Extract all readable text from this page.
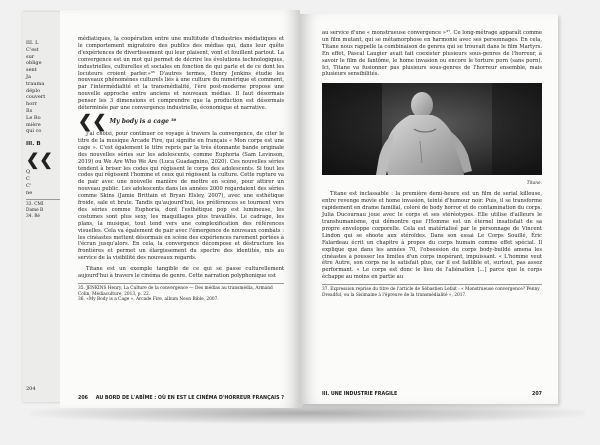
III. L

C'est

sur

oblige

sent

Ja

trauma

déplo

couvert

horr

Ils

Le Ro

mière

qui co

III. B
❮❮

Q

C

C'

ne

33. CMI

Dame B

34. Ré

204

médiatiques, la coopération entre une multitude d'industries médiatiques et le comportement migratoire des publics des médias qui, dans leur quête d'expériences de divertissement qui leur plaisent, vont et fouillent partout. La convergence est un mot qui permet de décrire les évolutions technologiques, industrielles, culturelles et sociales en fonction de qui parle et de ce dont les locuteurs croient parler.»³⁵ D'autres termes, Henry Jenkins étudie les nouveaux phénomènes culturels liés à une culture du numérique et comment, par l'intermédialité et la transmédialité, l'ère post-moderne propose une nouvelle approche entre anciens et nouveaux médias. Il faut désormais penser les 3 dimensions et comprendre que la production est désormais déterminée par une convergence industrielle, économique et narrative.

❮❮ My body is a cage ³⁶

J'ai choisi, pour continuer ce voyage à travers la convergence, de citer le titre de la musique Arcade Fire, qui signifie en français « Mon corps est une cage ». C'est également le titre repris par la très étonnante bande originale des nouvelles séries sur les adolescents, comme Euphoria (Sam Levinson, 2019) ou We Are Who We Are (Luca Guadagnino, 2020). Ces nouvelles séries tendent à briser les codes qui régissent le corps des adolescents. Si tout les codes qui régissent l'homme et ceux qui régissent la culture. Cette rupture va de pair avec une nouvelle manière de mettre en scène, pour attirer un nouveau public. Les adolescents dans les années 2000 regardaient des séries comme Skins (Jamie Brittain et Bryan Elsley, 2007), avec une esthétique froide, sale et brute. Tandis qu'aujourd'hui, les préférences se tournent vers des séries comme Euphoria, dont l'esthétique pop est lumineuse, les costumes sont plus sexy, les maquillages plus travaillés. Le cadrage, les plans, la musique, tout tend vers une complexification des références visuelles. Cela va également de pair avec l'émergence de nouveaux combats : les cinéastes mettent désormais en scène des expériences rarement portées à l'écran jusqu'alors. En cela, la convergence décompose et déstructure les frontières et permet un élargissement du spectre des identités, mis au service de la visibilité des nouveaux regards.

Titane est un exemple tangible de ce qui se passe culturellement aujourd'hui à travers le cinéma de genre. Cette narration polyphonique est

35. JENKINS Henry, La Culture de la convergence — Des médias au transmédia, Armand Colin, Médiaculture, 2013, p. 22.

36. «My Body is a Cage », Arcade Fire, album Neon Bible, 2007.

206 AU BORD DE L'ABÎME : OÙ EN EST LE CINÉMA D'HORREUR FRANÇAIS ?

au service d'une « monstrueuse convergence »³⁷. Ce long-métrage apparaît comme un film mutant, qui se métamorphose en harmonie avec ses personnages. En cela, Titane nous rappelle la combinaison de genres qui se trouvait dans le film Martyrs. En effet, Pascal Laugier avait fait coexister plusieurs sous-genres de l'horreur, à savoir le film de fantôme, le home invasion ou encore le torture porn (sans porn). Ici, Titane va fusionner pas plusieurs sous-genres de l'horreur ensemble, mais plusieurs sensibilités.

Titane.

Titane est inclassable : la première demi-heure est un film de serial killeuse, entre revenge movie et home invasion, teinté d'humour noir. Puis, il se transforme rapidement en drame familial, coloré de body horror et de contamination du corps. Julia Ducournau joue avec le corps et ses stéréotypes. Elle utilise d'ailleurs le transhumanisme, qui démontre que l'Homme est un éternel insatisfait de sa propre enveloppe corporelle. Cela est matérialisé par le personnage de Vincent Lindon qui se shoote aux stéroïdes. Dans son essai Le Corps Souillé, Éric Falardeau écrit un chapitre à propos du corps humain comme effet spécial. Il explique que dans les années 70, l'obsession du corps body-buildé amena les cinéastes à pousser les limites d'un corps inopérant, impuissant. « L'homme veut être Autre, son corps ne le satisfait plus, car il est faillible et, surtout, pas assez performant. « Le corps est donc le lieu de l'aliénation [...] parce que le corps échappe au moins en partie au

37. Expression reprise du titre de l'article de Sébastien Lefait : « Monstrueuse convergence? Penny Dreadful, ou la Sisimaine à l'épreuve de la transmédialité », 2017.

III. UNE INDUSTRIE FRAGILE	207
